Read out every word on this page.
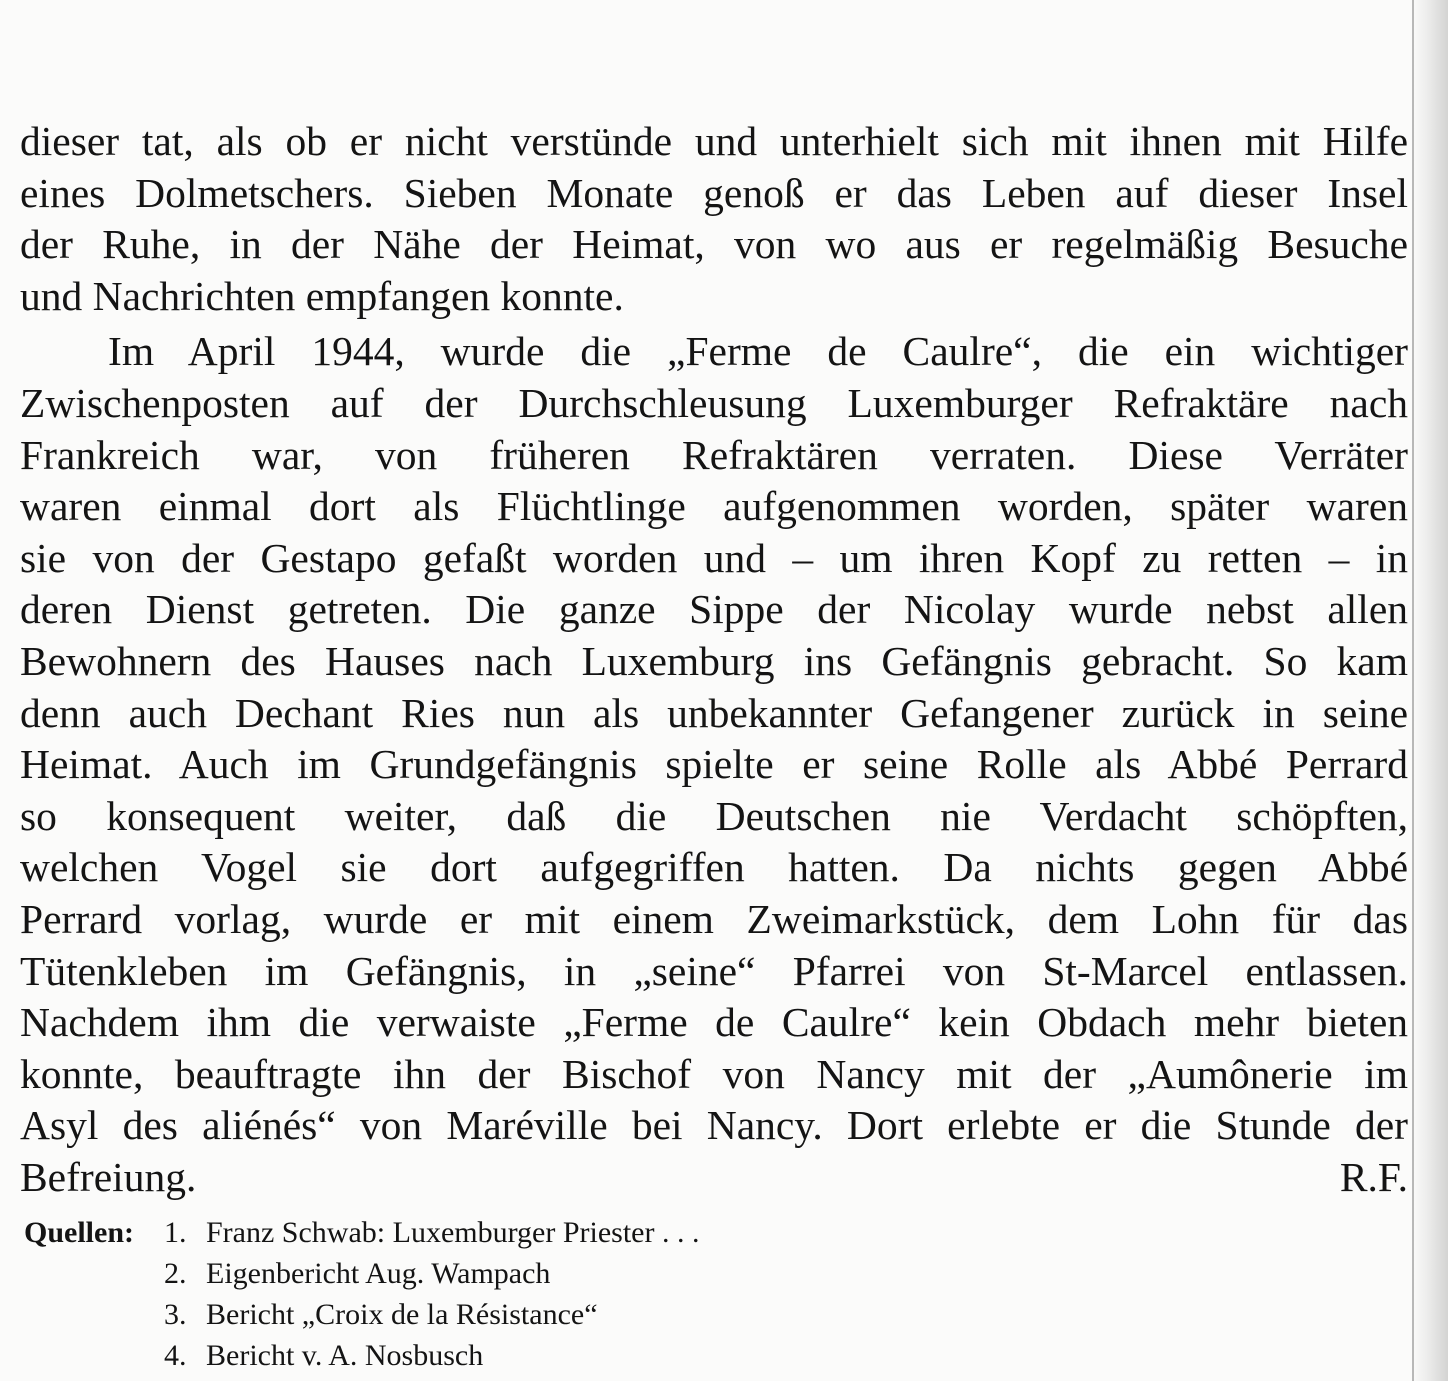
dieser tat, als ob er nicht verstünde und unterhielt sich mit ihnen mit Hilfe
eines Dolmetschers. Sieben Monate genoß er das Leben auf dieser Insel
der Ruhe, in der Nähe der Heimat, von wo aus er regelmäßig Besuche
und Nachrichten empfangen konnte.
Im April 1944, wurde die „Ferme de Caulre“, die ein wichtiger
Zwischenposten auf der Durchschleusung Luxemburger Refraktäre nach
Frankreich war, von früheren Refraktären verraten. Diese Verräter
waren einmal dort als Flüchtlinge aufgenommen worden, später waren
sie von der Gestapo gefaßt worden und – um ihren Kopf zu retten – in
deren Dienst getreten. Die ganze Sippe der Nicolay wurde nebst allen
Bewohnern des Hauses nach Luxemburg ins Gefängnis gebracht. So kam
denn auch Dechant Ries nun als unbekannter Gefangener zurück in seine
Heimat. Auch im Grundgefängnis spielte er seine Rolle als Abbé Perrard
so konsequent weiter, daß die Deutschen nie Verdacht schöpften,
welchen Vogel sie dort aufgegriffen hatten. Da nichts gegen Abbé
Perrard vorlag, wurde er mit einem Zweimarkstück, dem Lohn für das
Tütenkleben im Gefängnis, in „seine“ Pfarrei von St-Marcel entlassen.
Nachdem ihm die verwaiste „Ferme de Caulre“ kein Obdach mehr bieten
konnte, beauftragte ihn der Bischof von Nancy mit der „Aumônerie im
Asyl des aliénés“ von Maréville bei Nancy. Dort erlebte er die Stunde der
Befreiung.	R.F.
Quellen:	1. Franz Schwab: Luxemburger Priester . . .
2. Eigenbericht Aug. Wampach
3. Bericht „Croix de la Résistance“
4. Bericht v. A. Nosbusch
